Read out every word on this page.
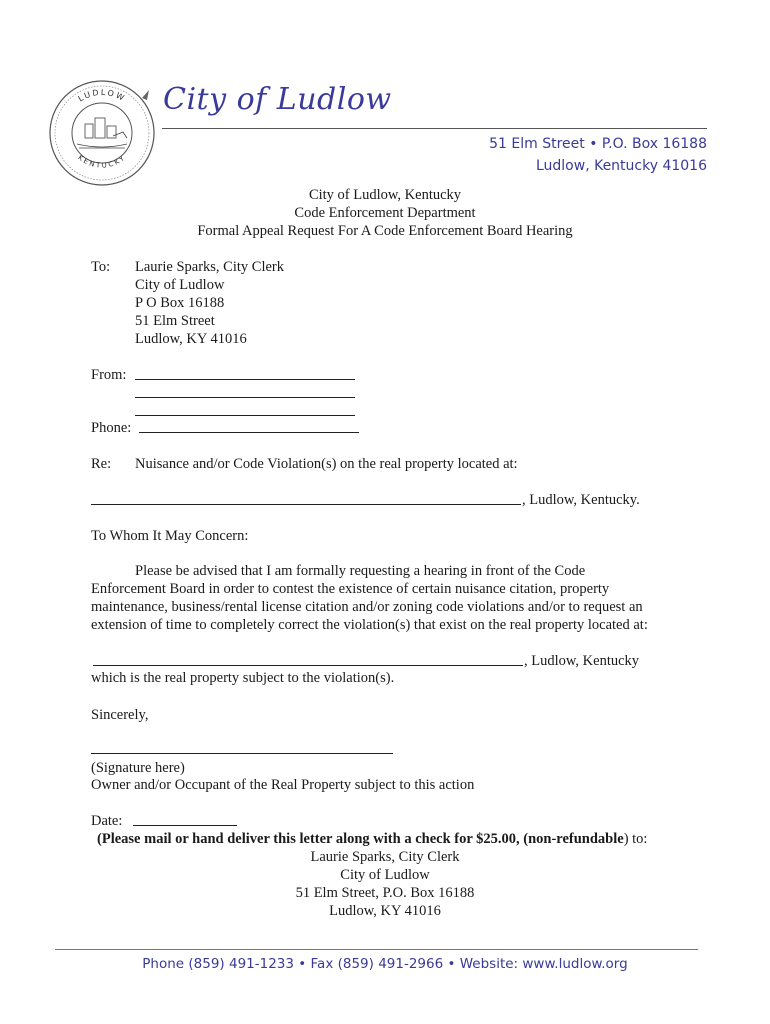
LUDLOW
KENTUCKY
City of Ludlow
51 Elm Street • P.O. Box 16188
Ludlow, Kentucky 41016
City of Ludlow, Kentucky
Code Enforcement Department
Formal Appeal Request For A Code Enforcement Board Hearing
To: Laurie Sparks, City Clerk
City of Ludlow
P O Box 16188
51 Elm Street
Ludlow, KY 41016
From:
Phone:
Re: Nuisance and/or Code Violation(s) on the real property located at:
, Ludlow, Kentucky.
To Whom It May Concern:
Please be advised that I am formally requesting a hearing in front of the Code
Enforcement Board in order to contest the existence of certain nuisance citation, property
maintenance, business/rental license citation and/or zoning code violations and/or to request an
extension of time to completely correct the violation(s) that exist on the real property located at:
, Ludlow, Kentucky
which is the real property subject to the violation(s).
Sincerely,
(Signature here)
Owner and/or Occupant of the Real Property subject to this action
Date:
(Please mail or hand deliver this letter along with a check for $25.00, (non-refundable) to:
Laurie Sparks, City Clerk
City of Ludlow
51 Elm Street, P.O. Box 16188
Ludlow, KY 41016
Phone (859) 491-1233 • Fax (859) 491-2966 • Website: www.ludlow.org
